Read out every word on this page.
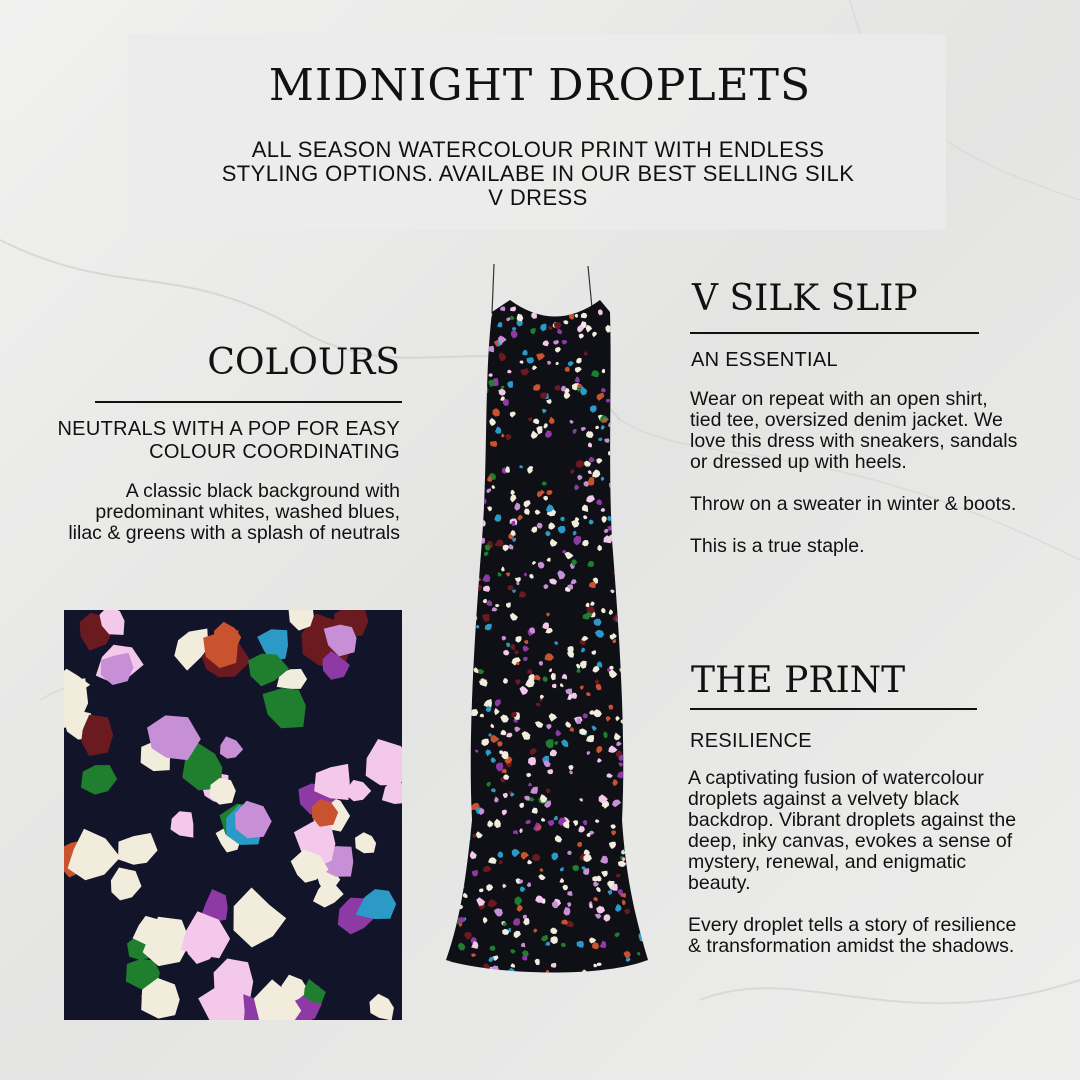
MIDNIGHT DROPLETS
ALL SEASON WATERCOLOUR PRINT WITH ENDLESS STYLING OPTIONS. AVAILABE IN OUR BEST SELLING SILK V DRESS
COLOURS
NEUTRALS WITH A POP FOR EASY COLOUR COORDINATING
A classic black background with predominant whites, washed blues, lilac & greens with a splash of neutrals
V SILK SLIP
AN ESSENTIAL

Wear on repeat with an open shirt, tied tee, oversized denim jacket. We love this dress with sneakers, sandals or dressed up with heels.

Throw on a sweater in winter & boots.

This is a true staple.

THE PRINT
RESILIENCE

A captivating fusion of watercolour droplets against a velvety black backdrop. Vibrant droplets against the deep, inky canvas, evokes a sense of mystery, renewal, and enigmatic beauty.

Every droplet tells a story of resilience & transformation amidst the shadows.
